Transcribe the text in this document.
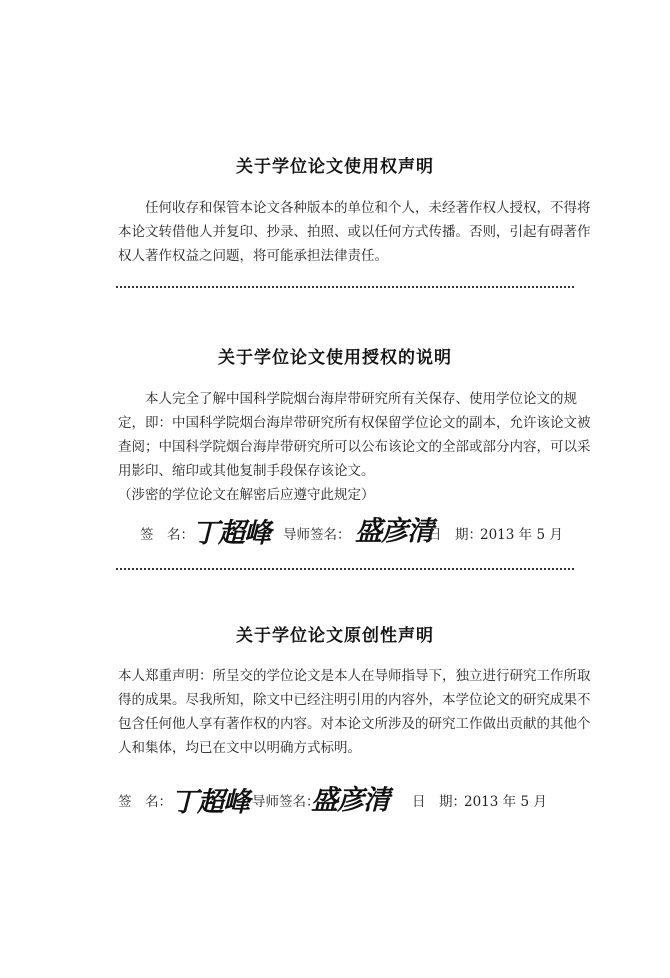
关于学位论文使用权声明
任何收存和保管本论文各种版本的单位和个人，未经著作权人授权，不得将
本论文转借他人并复印、抄录、拍照、或以任何方式传播。否则，引起有碍著作
权人著作权益之问题，将可能承担法律责任。
关于学位论文使用授权的说明
本人完全了解中国科学院烟台海岸带研究所有关保存、使用学位论文的规
定，即：中国科学院烟台海岸带研究所有权保留学位论文的副本，允许该论文被
查阅；中国科学院烟台海岸带研究所可以公布该论文的全部或部分内容，可以采
用影印、缩印或其他复制手段保存该论文。
（涉密的学位论文在解密后应遵守此规定）
签　名：
丁超峰 导师签名： 盛彦清
日　期：
2013 年 5 月
关于学位论文原创性声明
本人郑重声明：所呈交的学位论文是本人在导师指导下，独立进行研究工作所取
得的成果。尽我所知，除文中已经注明引用的内容外，本学位论文的研究成果不
包含任何他人享有著作权的内容。对本论文所涉及的研究工作做出贡献的其他个
人和集体，均已在文中以明确方式标明。
签　名：
丁超峰
导师签名：
盛彦清 日　期：
2013 年 5 月
